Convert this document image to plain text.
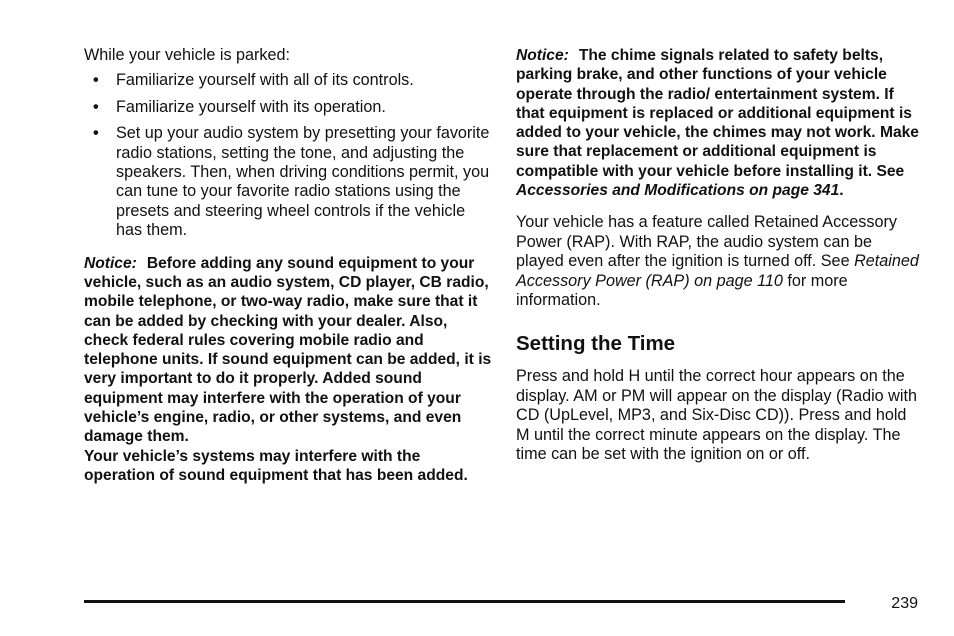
While your vehicle is parked:

• Familiarize yourself with all of its controls.
• Familiarize yourself with its operation.
• Set up your audio system by presetting your favorite radio stations, setting the tone, and adjusting the speakers. Then, when driving conditions permit, you can tune to your favorite radio stations using the presets and steering wheel controls if the vehicle has them.

Notice: Before adding any sound equipment to your vehicle, such as an audio system, CD player, CB radio, mobile telephone, or two-way radio, make sure that it can be added by checking with your dealer. Also, check federal rules covering mobile radio and telephone units. If sound equipment can be added, it is very important to do it properly. Added sound equipment may interfere with the operation of your vehicle’s engine, radio, or other systems, and even damage them.

Your vehicle’s systems may interfere with the operation of sound equipment that has been added.

Notice: The chime signals related to safety belts, parking brake, and other functions of your vehicle operate through the radio/ entertainment system. If that equipment is replaced or additional equipment is added to your vehicle, the chimes may not work. Make sure that replacement or additional equipment is compatible with your vehicle before installing it. See Accessories and Modifications on page 341.

Your vehicle has a feature called Retained Accessory Power (RAP). With RAP, the audio system can be played even after the ignition is turned off. See Retained Accessory Power (RAP) on page 110 for more information.

Setting the Time

Press and hold H until the correct hour appears on the display. AM or PM will appear on the display (Radio with CD (UpLevel, MP3, and Six-Disc CD)). Press and hold M until the correct minute appears on the display. The time can be set with the ignition on or off.

239
